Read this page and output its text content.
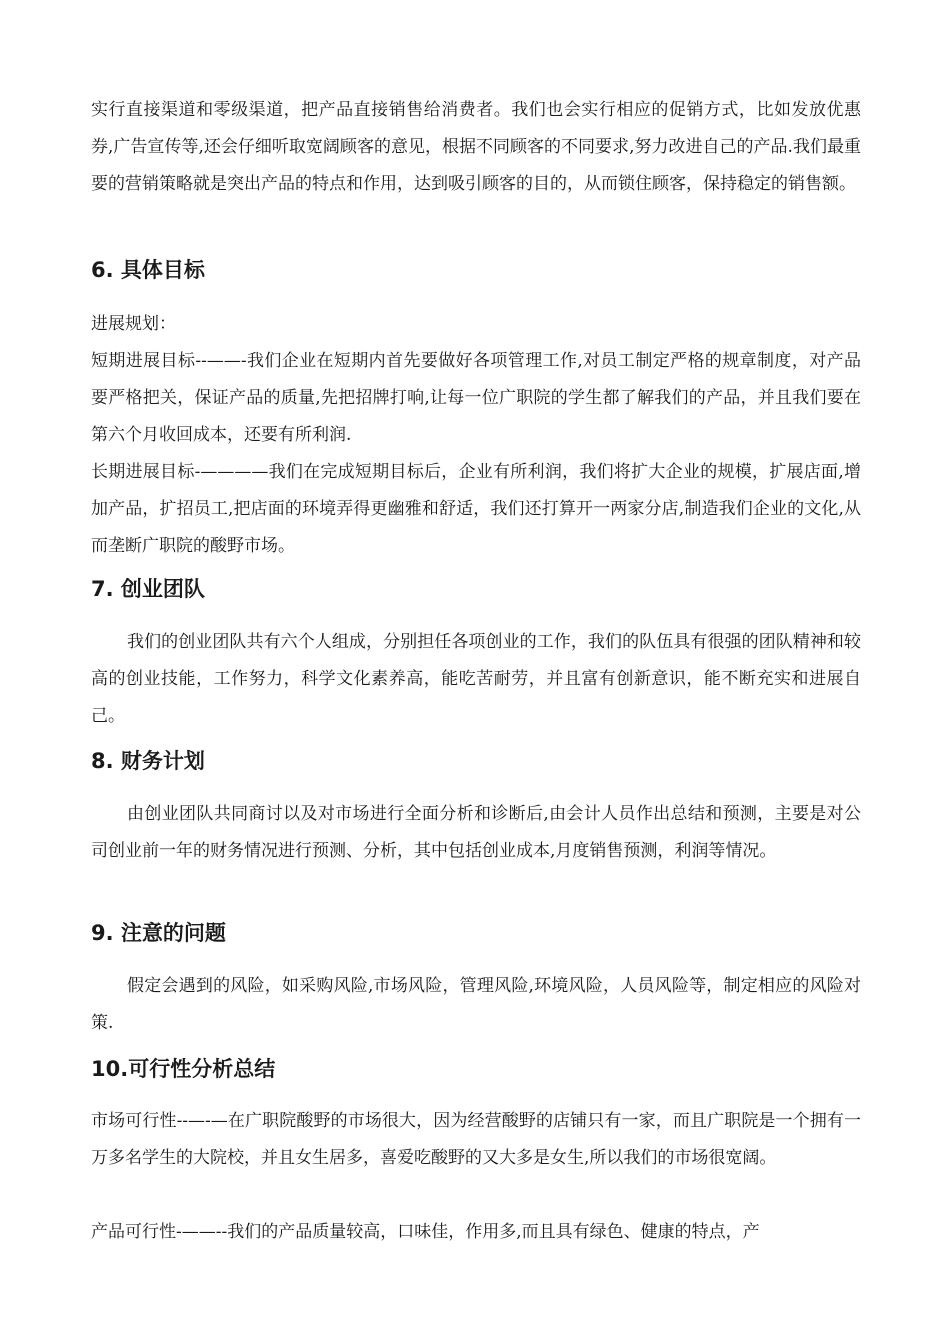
实行直接渠道和零级渠道，把产品直接销售给消费者。我们也会实行相应的促销方式，比如发放优惠券,广告宣传等,还会仔细听取宽阔顾客的意见，根据不同顾客的不同要求,努力改进自己的产品.我们最重要的营销策略就是突出产品的特点和作用，达到吸引顾客的目的，从而锁住顾客，保持稳定的销售额。

6. 具体目标

进展规划：

短期进展目标--——-我们企业在短期内首先要做好各项管理工作,对员工制定严格的规章制度，对产品要严格把关，保证产品的质量,先把招牌打响,让每一位广职院的学生都了解我们的产品，并且我们要在第六个月收回成本，还要有所利润.

长期进展目标-————我们在完成短期目标后，企业有所利润，我们将扩大企业的规模，扩展店面,增加产品，扩招员工,把店面的环境弄得更幽雅和舒适，我们还打算开一两家分店,制造我们企业的文化,从而垄断广职院的酸野市场。

7. 创业团队

我们的创业团队共有六个人组成，分别担任各项创业的工作，我们的队伍具有很强的团队精神和较高的创业技能，工作努力，科学文化素养高，能吃苦耐劳，并且富有创新意识，能不断充实和进展自己。

8. 财务计划

由创业团队共同商讨以及对市场进行全面分析和诊断后,由会计人员作出总结和预测，主要是对公司创业前一年的财务情况进行预测、分析，其中包括创业成本,月度销售预测，利润等情况。

9. 注意的问题

假定会遇到的风险，如采购风险,市场风险，管理风险,环境风险，人员风险等，制定相应的风险对策.

10.可行性分析总结

市场可行性--—-—在广职院酸野的市场很大，因为经营酸野的店铺只有一家，而且广职院是一个拥有一万多名学生的大院校，并且女生居多，喜爱吃酸野的又大多是女生,所以我们的市场很宽阔。

产品可行性-——--我们的产品质量较高，口味佳，作用多,而且具有绿色、健康的特点，产
